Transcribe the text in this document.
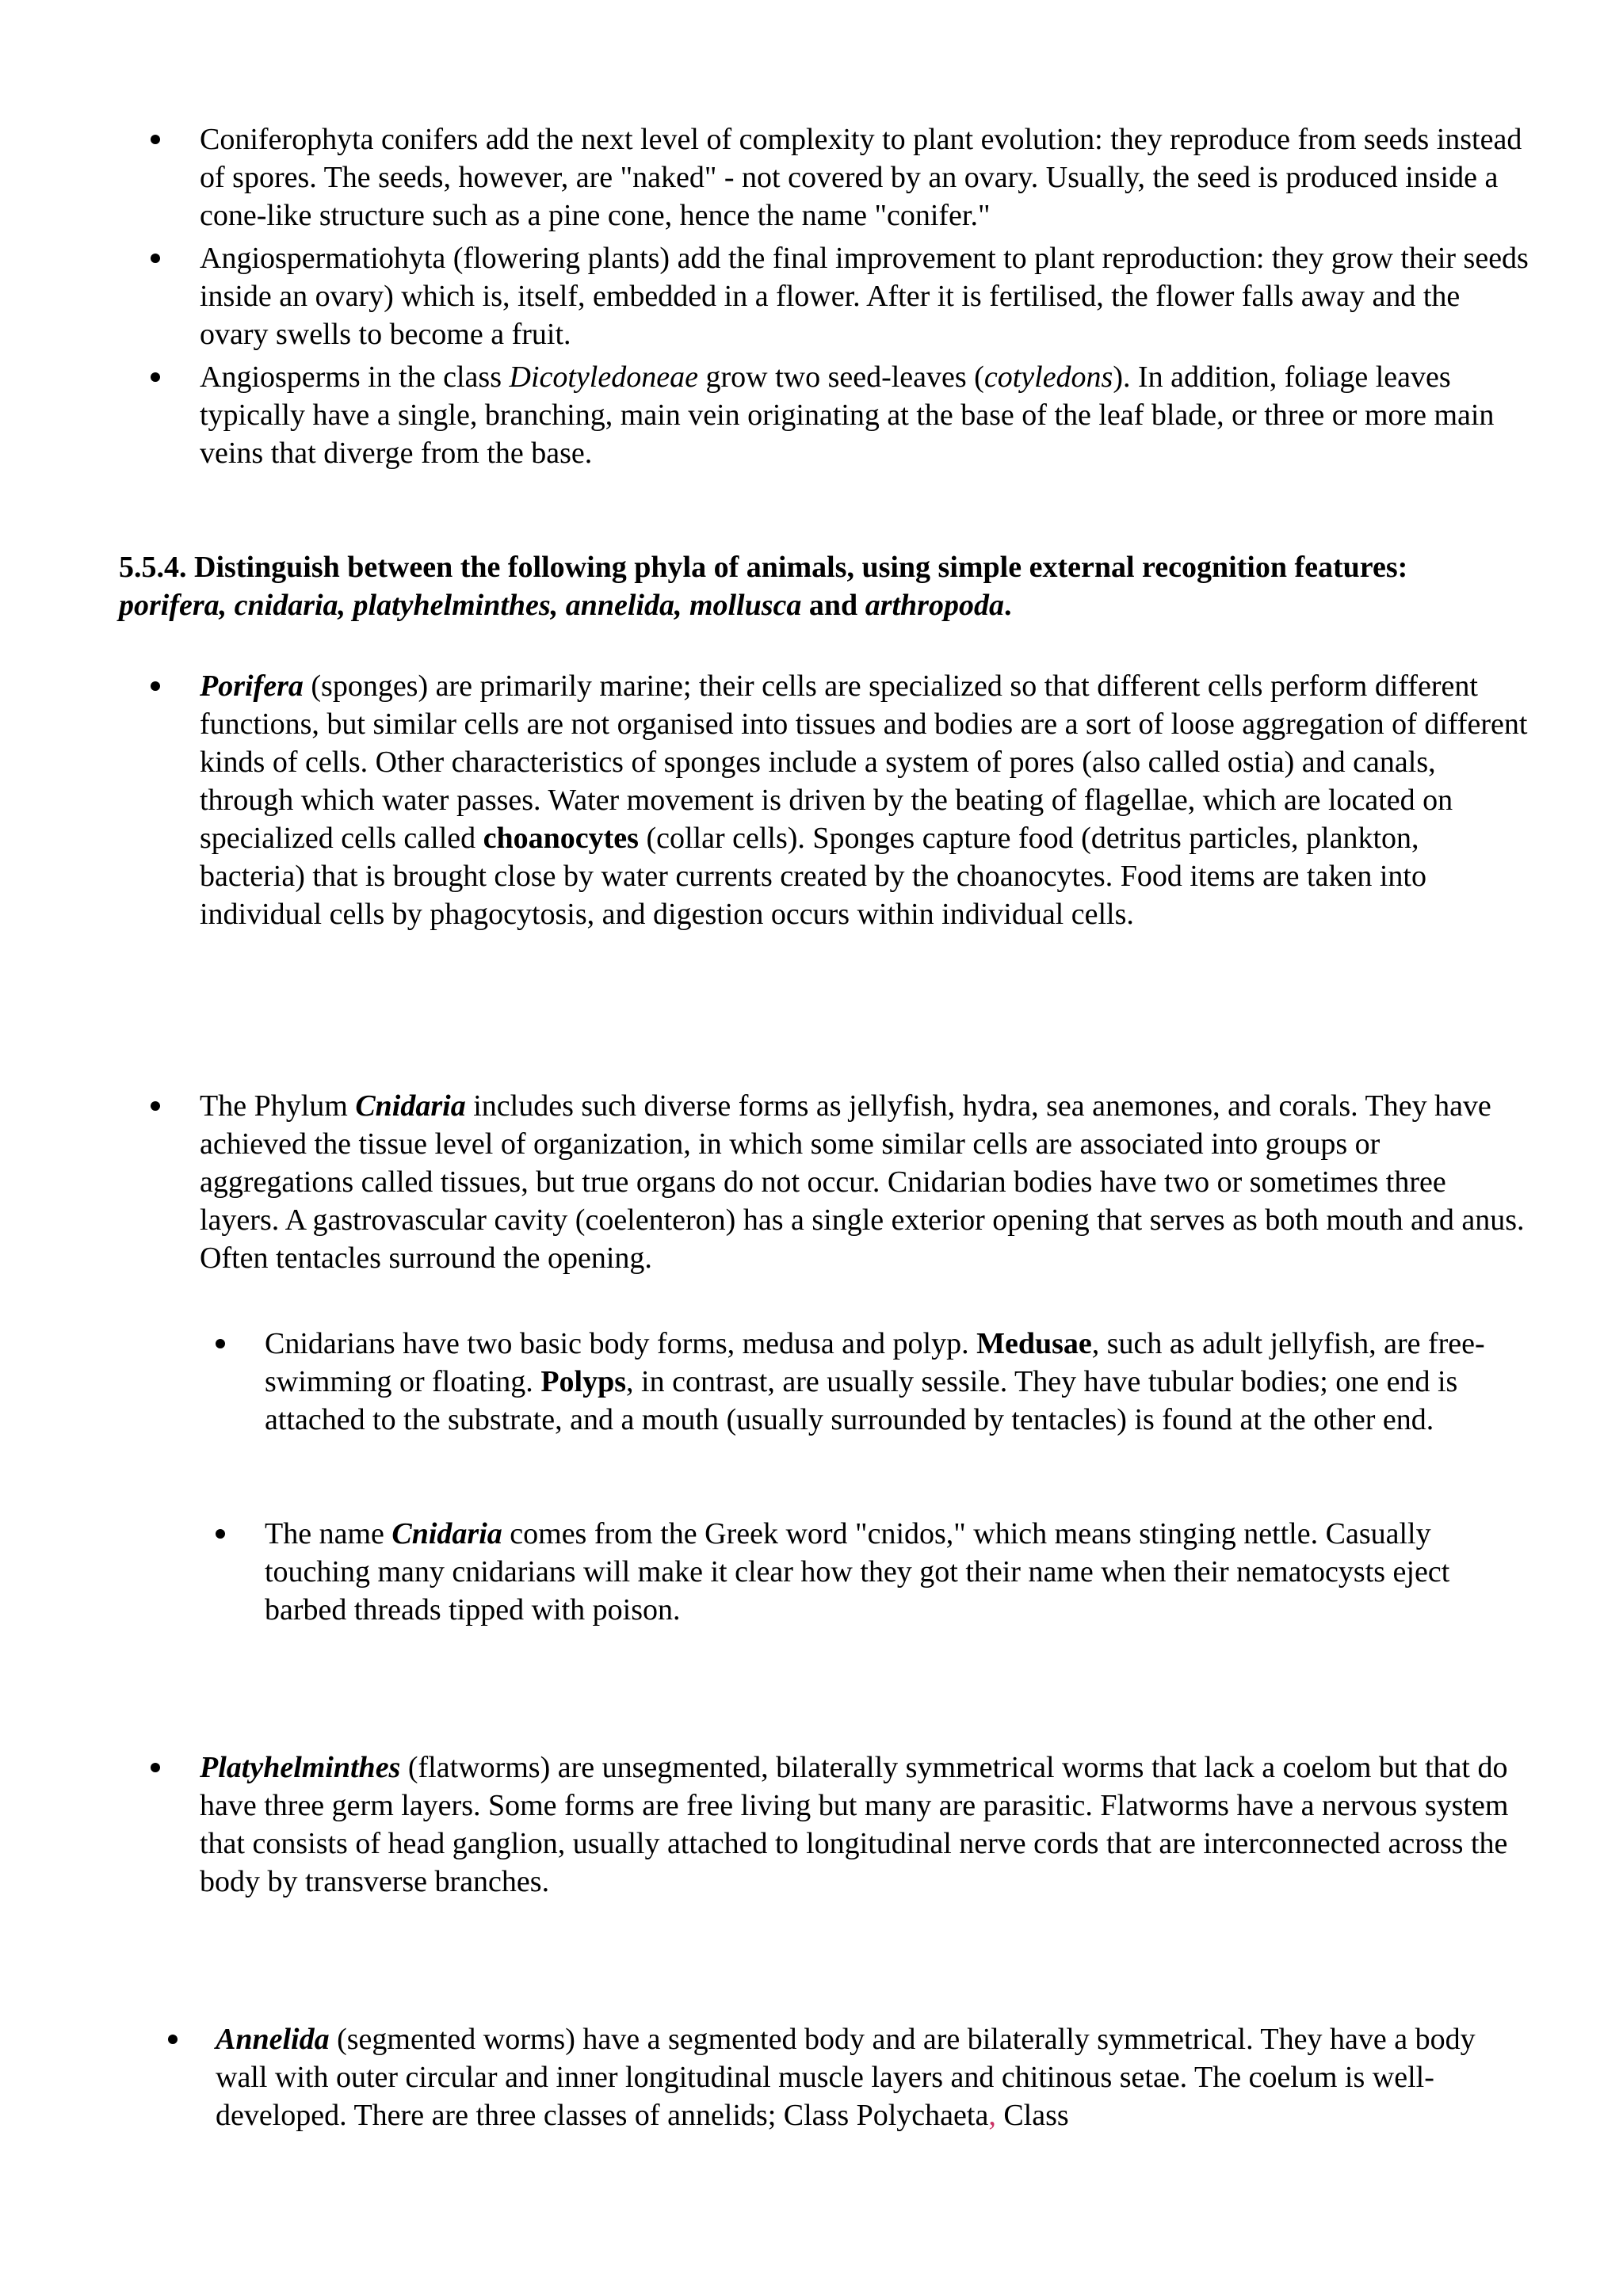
Coniferophyta conifers add the next level of complexity to plant evolution: they reproduce from seeds instead of spores. The seeds, however, are "naked" - not covered by an ovary. Usually, the seed is produced inside a cone-like structure such as a pine cone, hence the name "conifer."

Angiospermatiohyta (flowering plants) add the final improvement to plant reproduction: they grow their seeds inside an ovary) which is, itself, embedded in a flower. After it is fertilised, the flower falls away and the ovary swells to become a fruit.

Angiosperms in the class Dicotyledoneae grow two seed-leaves (cotyledons). In addition, foliage leaves typically have a single, branching, main vein originating at the base of the leaf blade, or three or more main veins that diverge from the base.

5.5.4. Distinguish between the following phyla of animals, using simple external recognition features: porifera, cnidaria, platyhelminthes, annelida, mollusca and arthropoda.

Porifera (sponges) are primarily marine; their cells are specialized so that different cells perform different functions, but similar cells are not organised into tissues and bodies are a sort of loose aggregation of different kinds of cells. Other characteristics of sponges include a system of pores (also called ostia) and canals, through which water passes. Water movement is driven by the beating of flagellae, which are located on specialized cells called choanocytes (collar cells). Sponges capture food (detritus particles, plankton, bacteria) that is brought close by water currents created by the choanocytes. Food items are taken into individual cells by phagocytosis, and digestion occurs within individual cells.

The Phylum Cnidaria includes such diverse forms as jellyfish, hydra, sea anemones, and corals. They have achieved the tissue level of organization, in which some similar cells are associated into groups or aggregations called tissues, but true organs do not occur. Cnidarian bodies have two or sometimes three layers. A gastrovascular cavity (coelenteron) has a single exterior opening that serves as both mouth and anus. Often tentacles surround the opening.

Cnidarians have two basic body forms, medusa and polyp. Medusae, such as adult jellyfish, are free-swimming or floating. Polyps, in contrast, are usually sessile. They have tubular bodies; one end is attached to the substrate, and a mouth (usually surrounded by tentacles) is found at the other end.

The name Cnidaria comes from the Greek word "cnidos," which means stinging nettle. Casually touching many cnidarians will make it clear how they got their name when their nematocysts eject barbed threads tipped with poison.

Platyhelminthes (flatworms) are unsegmented, bilaterally symmetrical worms that lack a coelom but that do have three germ layers. Some forms are free living but many are parasitic. Flatworms have a nervous system that consists of head ganglion, usually attached to longitudinal nerve cords that are interconnected across the body by transverse branches.

Annelida (segmented worms) have a segmented body and are bilaterally symmetrical. They have a body wall with outer circular and inner longitudinal muscle layers and chitinous setae. The coelum is well-developed. There are three classes of annelids; Class Polychaeta, Class
